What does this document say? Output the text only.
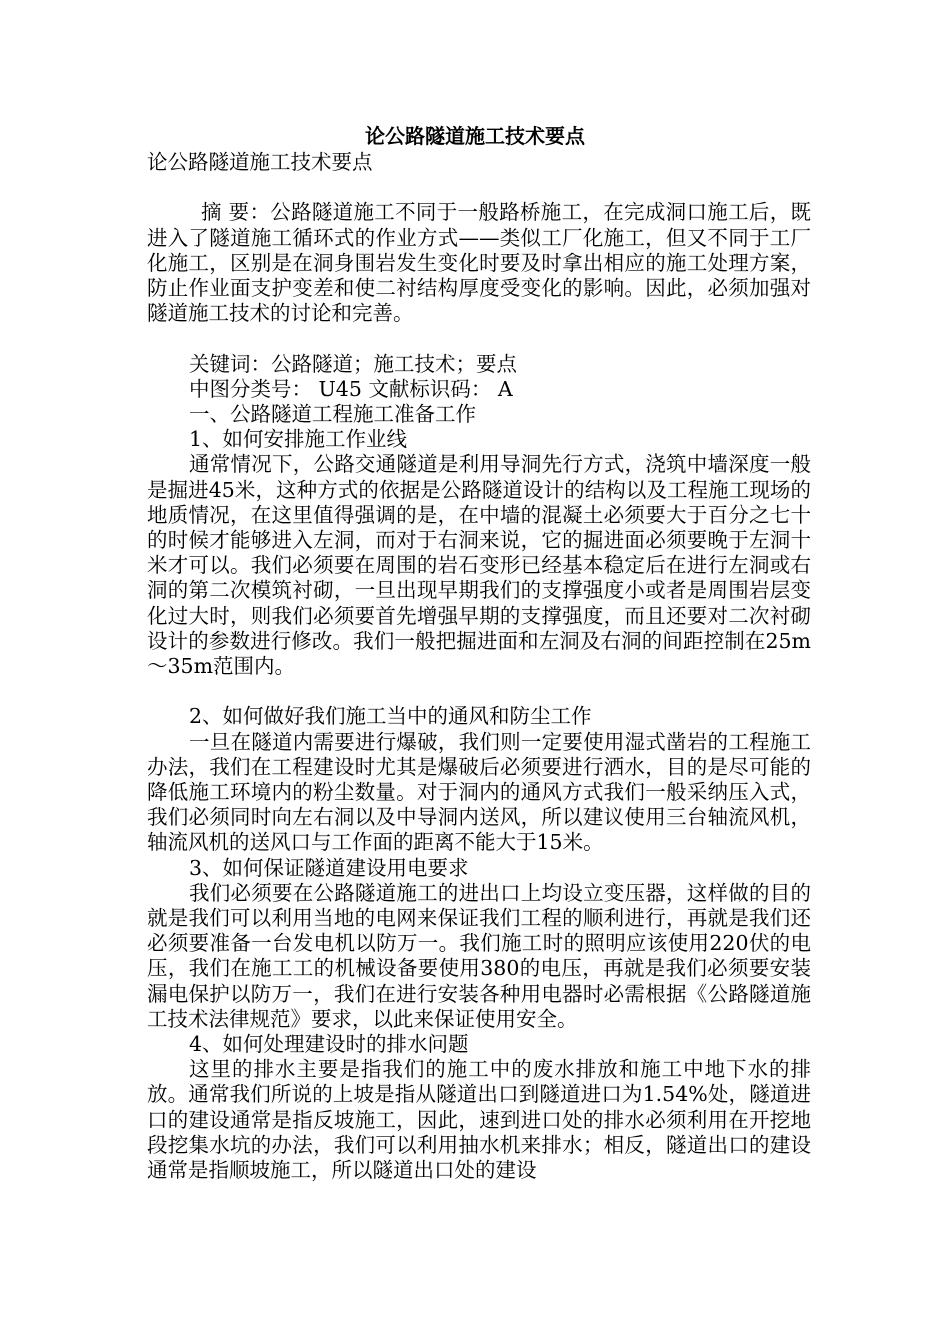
论公路隧道施工技术要点

论公路隧道施工技术要点

摘 要：公路隧道施工不同于一般路桥施工，在完成洞口施工后，既进入了隧道施工循环式的作业方式——类似工厂化施工，但又不同于工厂化施工，区别是在洞身围岩发生变化时要及时拿出相应的施工处理方案，防止作业面支护变差和使二衬结构厚度受变化的影响。因此，必须加强对隧道施工技术的讨论和完善。

关键词：公路隧道；施工技术；要点

中图分类号： U45 文献标识码： A

一、公路隧道工程施工准备工作

1、如何安排施工作业线

通常情况下，公路交通隧道是利用导洞先行方式，浇筑中墙深度一般是掘进45米，这种方式的依据是公路隧道设计的结构以及工程施工现场的地质情况，在这里值得强调的是，在中墙的混凝土必须要大于百分之七十的时候才能够进入左洞，而对于右洞来说，它的掘进面必须要晚于左洞十米才可以。我们必须要在周围的岩石变形已经基本稳定后在进行左洞或右洞的第二次模筑衬砌，一旦出现早期我们的支撑强度小或者是周围岩层变化过大时，则我们必须要首先增强早期的支撑强度，而且还要对二次衬砌设计的参数进行修改。我们一般把掘进面和左洞及右洞的间距控制在25m～35m范围内。

2、如何做好我们施工当中的通风和防尘工作

一旦在隧道内需要进行爆破，我们则一定要使用湿式凿岩的工程施工办法，我们在工程建设时尤其是爆破后必须要进行洒水，目的是尽可能的降低施工环境内的粉尘数量。对于洞内的通风方式我们一般采纳压入式，我们必须同时向左右洞以及中导洞内送风，所以建议使用三台轴流风机，轴流风机的送风口与工作面的距离不能大于15米。

3、如何保证隧道建设用电要求

我们必须要在公路隧道施工的进出口上均设立变压器，这样做的目的就是我们可以利用当地的电网来保证我们工程的顺利进行，再就是我们还必须要准备一台发电机以防万一。我们施工时的照明应该使用220伏的电压，我们在施工工的机械设备要使用380的电压，再就是我们必须要安装漏电保护以防万一，我们在进行安装各种用电器时必需根据《公路隧道施工技术法律规范》要求，以此来保证使用安全。

4、如何处理建设时的排水问题

这里的排水主要是指我们的施工中的废水排放和施工中地下水的排放。通常我们所说的上坡是指从隧道出口到隧道进口为1.54%处，隧道进口的建设通常是指反坡施工，因此，速到进口处的排水必须利用在开挖地段挖集水坑的办法，我们可以利用抽水机来排水；相反，隧道出口的建设通常是指顺坡施工，所以隧道出口处的建设
